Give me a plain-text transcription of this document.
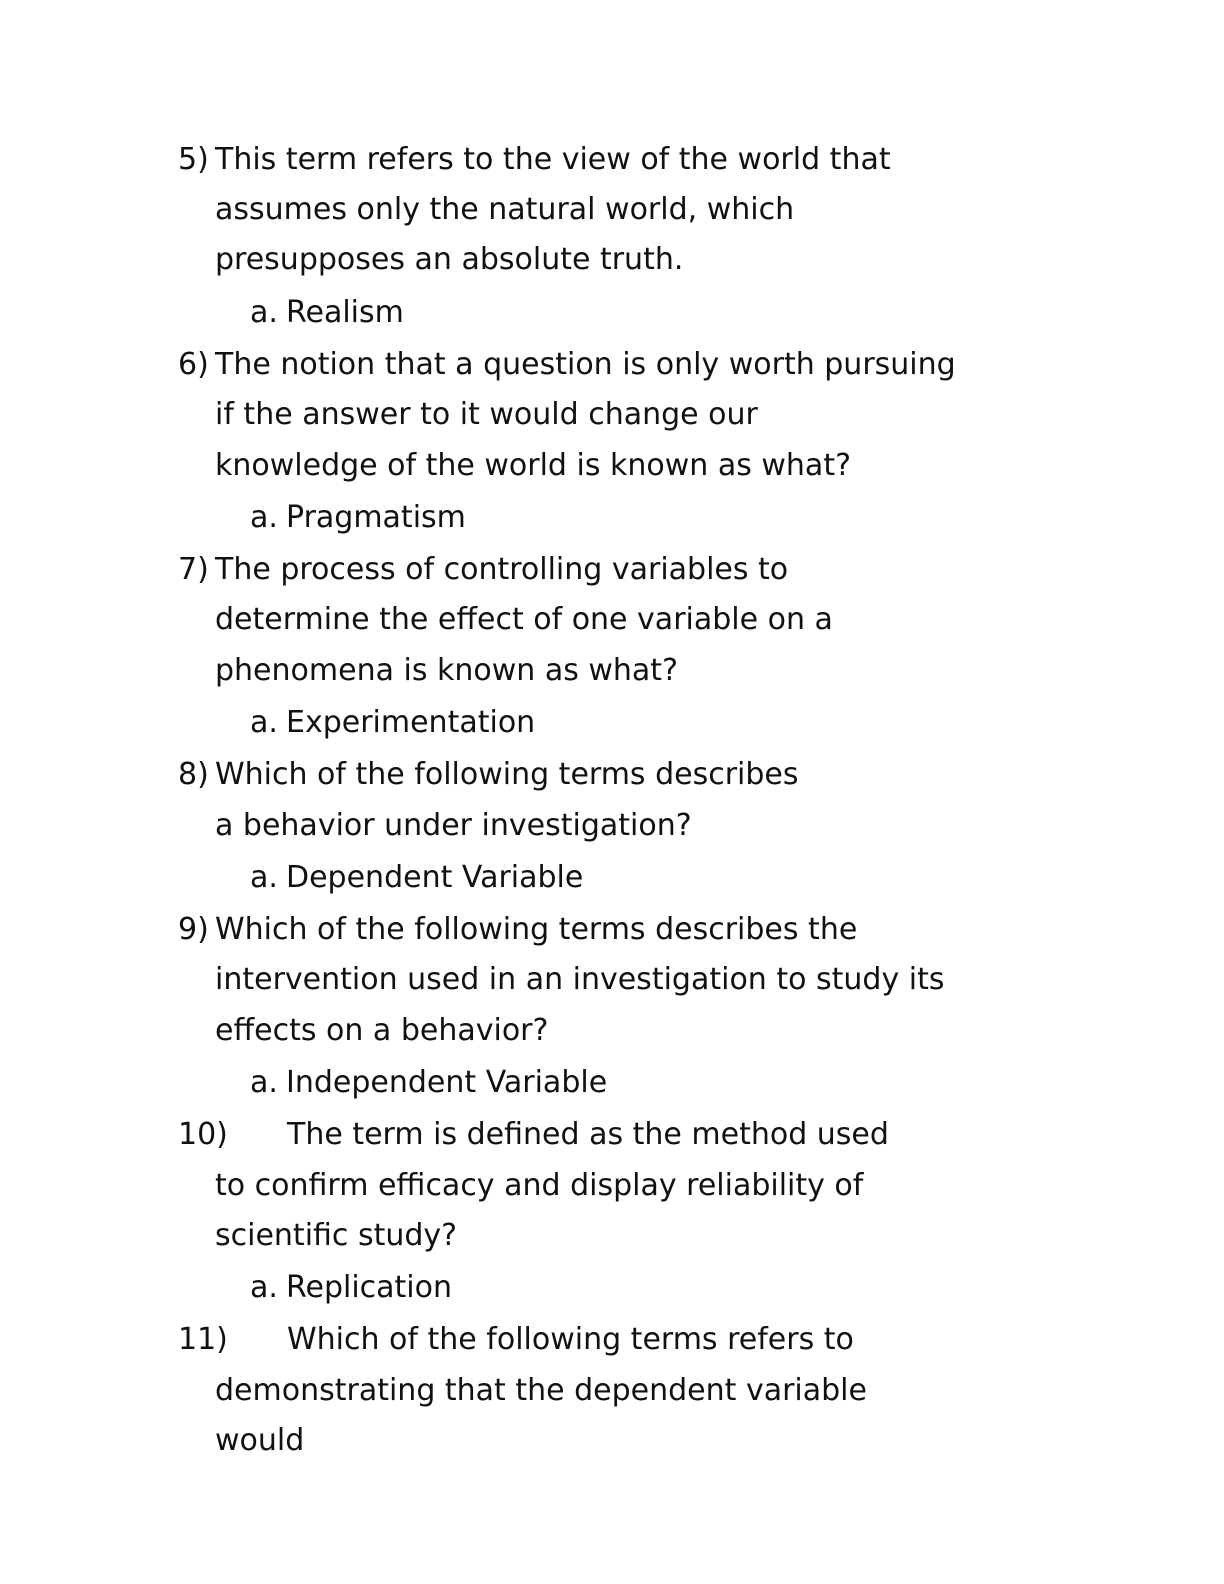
5) This term refers to the view of the world that
assumes only the natural world, which
presupposes an absolute truth.
a. Realism
6) The notion that a question is only worth pursuing
if the answer to it would change our
knowledge of the world is known as what?
a. Pragmatism
7) The process of controlling variables to
determine the effect of one variable on a
phenomena is known as what?
a. Experimentation
8) Which of the following terms describes
a behavior under investigation?
a. Dependent Variable
9) Which of the following terms describes the
intervention used in an investigation to study its
effects on a behavior?
a. Independent Variable
10) The term is defined as the method used
to confirm efficacy and display reliability of
scientific study?
a. Replication
11) Which of the following terms refers to
demonstrating that the dependent variable
would
